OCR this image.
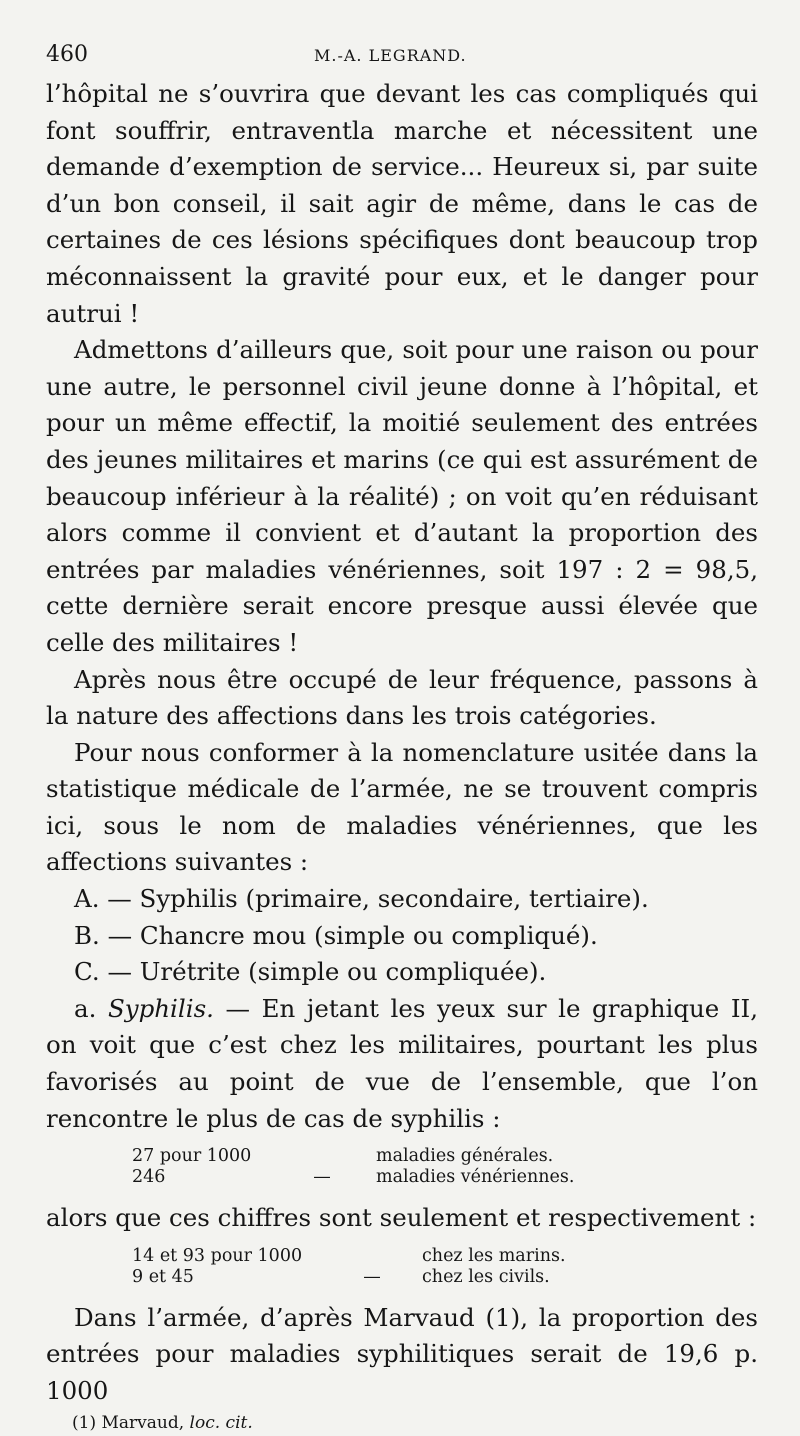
460	M.-A. LEGRAND.

l’hôpital ne s’ouvrira que devant les cas compliqués qui font souffrir, entraventla marche et nécessitent une demande d’exemption de service... Heureux si, par suite d’un bon conseil, il sait agir de même, dans le cas de certaines de ces lésions spécifiques dont beaucoup trop méconnaissent la gravité pour eux, et le danger pour autrui !

Admettons d’ailleurs que, soit pour une raison ou pour une autre, le personnel civil jeune donne à l’hôpital, et pour un même effectif, la moitié seulement des entrées des jeunes militaires et marins (ce qui est assurément de beaucoup inférieur à la réalité) ; on voit qu’en réduisant alors comme il convient et d’autant la proportion des entrées par maladies vénériennes, soit 197 : 2 = 98,5, cette dernière serait encore presque aussi élevée que celle des militaires !

Après nous être occupé de leur fréquence, passons à la nature des affections dans les trois catégories.

Pour nous conformer à la nomenclature usitée dans la statistique médicale de l’armée, ne se trouvent compris ici, sous le nom de maladies vénériennes, que les affections suivantes :

A. — Syphilis (primaire, secondaire, tertiaire).

B. — Chancre mou (simple ou compliqué).

C. — Urétrite (simple ou compliquée).

a. Syphilis. — En jetant les yeux sur le graphique II, on voit que c’est chez les militaires, pourtant les plus favorisés au point de vue de l’ensemble, que l’on rencontre le plus de cas de syphilis :

27 pour 1000	maladies générales.
246	—	maladies vénériennes.

alors que ces chiffres sont seulement et respectivement :

14 et 93 pour 1000	chez les marins.
9 et 45	—	chez les civils.

Dans l’armée, d’après Marvaud (1), la proportion des entrées pour maladies syphilitiques serait de 19,6 p. 1000

(1) Marvaud, loc. cit.
